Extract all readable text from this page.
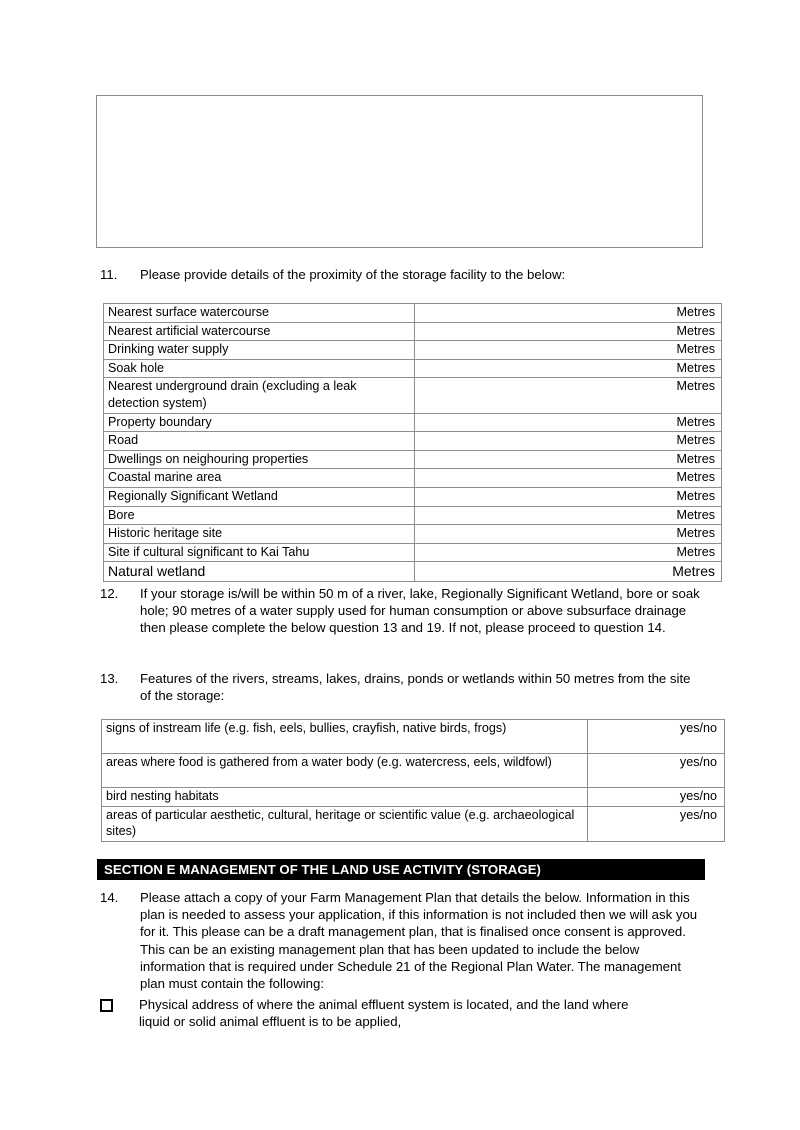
11.	Please provide details of the proximity of the storage facility to the below:
Nearest surface watercourse	Metres
Nearest artificial watercourse	Metres
Drinking water supply	Metres
Soak hole	Metres
Nearest underground drain (excluding a leak detection system)	Metres
Property boundary	Metres
Road	Metres
Dwellings on neighouring properties	Metres
Coastal marine area	Metres
Regionally Significant Wetland	Metres
Bore	Metres
Historic heritage site	Metres
Site if cultural significant to Kai Tahu	Metres
Natural wetland	Metres
12.	If your storage is/will be within 50 m of a river, lake, Regionally Significant Wetland, bore or soak hole; 90 metres of a water supply used for human consumption or above subsurface drainage then please complete the below question 13 and 19. If not, please proceed to question 14.
13.	Features of the rivers, streams, lakes, drains, ponds or wetlands within 50 metres from the site of the storage:
signs of instream life (e.g. fish, eels, bullies, crayfish, native birds, frogs)	yes/no
areas where food is gathered from a water body (e.g. watercress, eels, wildfowl)	yes/no
bird nesting habitats	yes/no
areas of particular aesthetic, cultural, heritage or scientific value (e.g. archaeological sites)	yes/no
SECTION E MANAGEMENT OF THE LAND USE ACTIVITY (STORAGE)
14.	Please attach a copy of your Farm Management Plan that details the below. Information in this plan is needed to assess your application, if this information is not included then we will ask you for it. This please can be a draft management plan, that is finalised once consent is approved. This can be an existing management plan that has been updated to include the below information that is required under Schedule 21 of the Regional Plan Water. The management plan must contain the following:
Physical address of where the animal effluent system is located, and the land where
liquid or solid animal effluent is to be applied,
